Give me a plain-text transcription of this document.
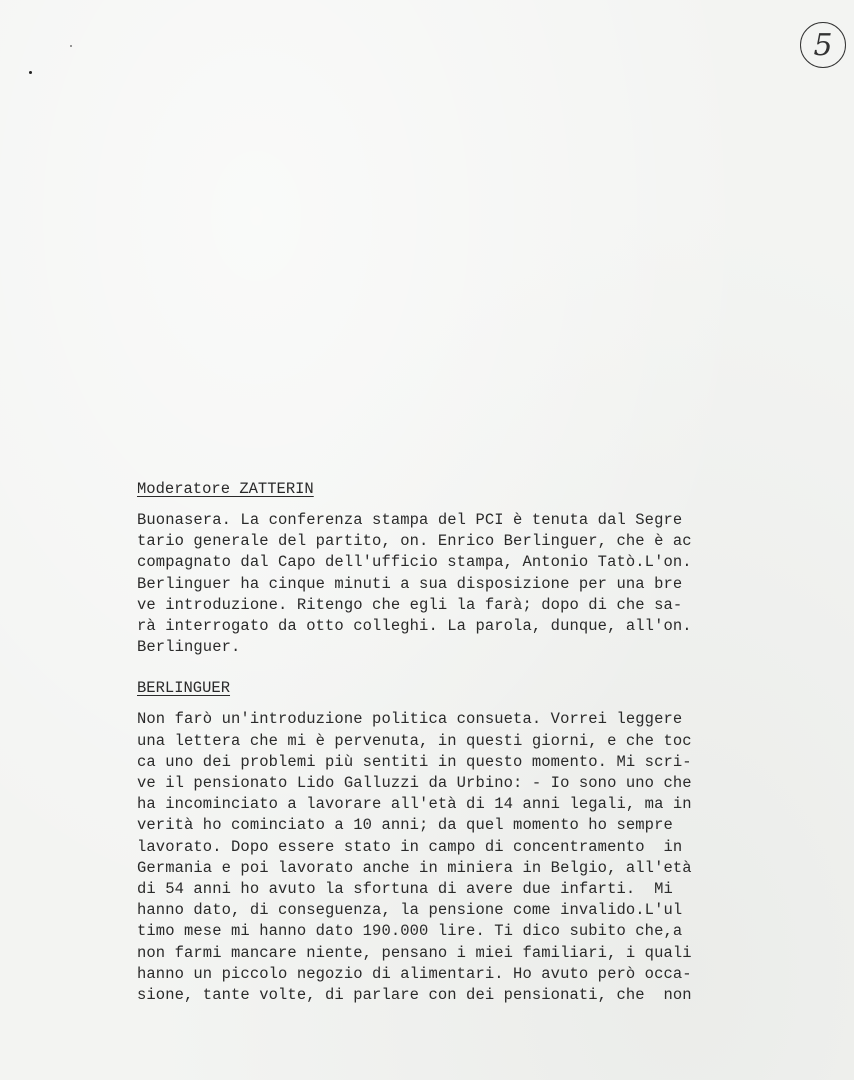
5

Moderatore ZATTERIN

Buonasera. La conferenza stampa del PCI è tenuta dal Segre
tario generale del partito, on. Enrico Berlinguer, che è ac
compagnato dal Capo dell'ufficio stampa, Antonio Tatò.L'on.
Berlinguer ha cinque minuti a sua disposizione per una bre
ve introduzione. Ritengo che egli la farà; dopo di che sa-
rà interrogato da otto colleghi. La parola, dunque, all'on.
Berlinguer.

BERLINGUER

Non farò un'introduzione politica consueta. Vorrei leggere
una lettera che mi è pervenuta, in questi giorni, e che toc
ca uno dei problemi più sentiti in questo momento. Mi scri-
ve il pensionato Lido Galluzzi da Urbino: - Io sono uno che
ha incominciato a lavorare all'età di 14 anni legali, ma in
verità ho cominciato a 10 anni; da quel momento ho sempre
lavorato. Dopo essere stato in campo di concentramento  in
Germania e poi lavorato anche in miniera in Belgio, all'età
di 54 anni ho avuto la sfortuna di avere due infarti.  Mi
hanno dato, di conseguenza, la pensione come invalido.L'ul
timo mese mi hanno dato 190.000 lire. Ti dico subito che,a
non farmi mancare niente, pensano i miei familiari, i quali
hanno un piccolo negozio di alimentari. Ho avuto però occa-
sione, tante volte, di parlare con dei pensionati, che  non
